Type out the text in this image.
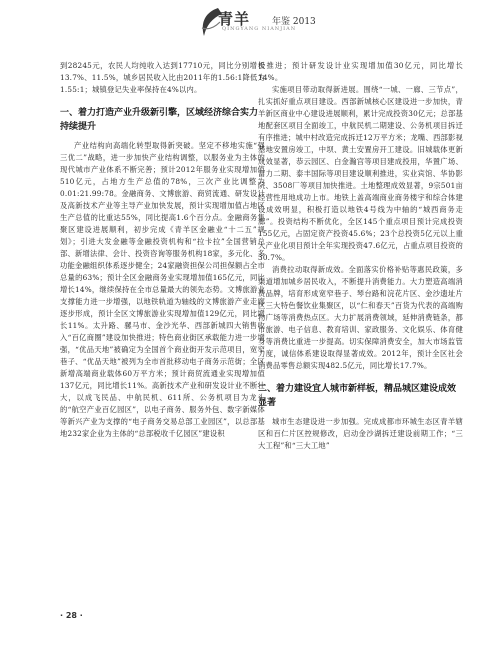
青羊 年鉴 2013
QINGYANG NIANJIAN

到28245元，农民人均纯收入达到17710元，同比分别增长13.7%、11.5%，城乡居民收入比由2011年的1.56:1降低为1.55:1；城镇登记失业率保持在4%以内。

一、着力打造产业升级新引擎，区域经济综合实力持续提升

产业结构向高端化转型取得新突破。坚定不移地实施“强三优二”战略，进一步加快产业结构调整，以服务业为主体的现代城市产业体系不断完善；预计2012年服务业实现增加值510亿元，占地方生产总值的78%，三次产业比调整为0.01:21.99:78。金融商务、文博旅游、商贸流通、研发设计及高新技术产业等主导产业加快发展，预计实现增加值占地区生产总值的比重达55%，同比提高1.6个百分点。金融商务集聚区建设进展顺利，初步完成《青羊区金融业“十二五”规划》；引进大发金融等金融投资机构和“拉卡拉”全国营销总部、新增法律、会计、投资咨询等服务机构18家，多元化、多功能金融组织体系逐步健全；24家融资担保公司担保额占全市总量的63%；预计全区金融商务业实现增加值165亿元，同比增长14%，继续保持在全市总量最大的领先态势。文博旅游业支撑能力进一步增强，以地铁轨道为轴线的文博旅游产业走廊逐步形成，预计全区文博旅游业实现增加值129亿元，同比增长11%。太升路、骡马市、金沙光华、西部新城四大销售收入“百亿商圈”建设加快推进；特色商业街区承载能力进一步增强，“优品天地”被确定为全国首个商业街开发示范项目，宽窄巷子、“优品天地”被列为全市首批移动电子商务示范街；全区新增高端商业载体60万平方米；预计商贸流通业实现增加值137亿元，同比增长11%。高新技术产业和研发设计业不断壮大，以成飞民品、中航民机、611所、公务机项目为龙头的“航空产业百亿园区”，以电子商务、服务外包、数字新媒体等新兴产业为支撑的“电子商务交易总部工业园区”，以总部基地232家企业为主体的“总部税收千亿园区”建设积

极推进；预计研发设计业实现增加值30亿元，同比增长14%。

实施项目带动取得新进展。围绕“一城、一廊、三节点”，扎实抓好重点项目建设。西部新城核心区建设进一步加快，青羊新区商业中心建设进展顺利，累计完成投资30亿元；总部基地配套区项目全面竣工，中航民机二期建设、公务机项目拆迁有序推进；城中村改造完成拆迁12万平方米；龙嘴、西部影视基地安置房竣工，中坝、黄土安置房开工建设。旧城载体更新成效显著，恭云园区、白金瀚宫等项目建成投用，华置广场、富力二期、泰丰国际等项目建设顺利推进，实业宾馆、华协影院、3508厂等项目加快推进。土地整理成效显著，9宗501亩经营性用地成功上市。地铁上盖高端商业商务楼宇和综合体建设成效明显，积极打造以地铁4号线为中轴的“城西商务走廊”。投资结构不断优化，全区145个重点项目预计完成投资155亿元，占固定资产投资45.6%；23个总投资5亿元以上重大产业化项目预计全年实现投资47.6亿元，占重点项目投资的30.7%。

消费拉动取得新成效。全面落实价格补贴等惠民政策，多渠道增加城乡居民收入，不断提升消费能力。大力塑造高端消费品牌，培育形成宽窄巷子、琴台路和浣花片区、金沙遗址片区三大特色餐饮业集聚区，以“仁和春天”百货为代表的高端购物广场等消费热点区。大力扩展消费领域，延伸消费链条，都市旅游、电子信息、教育培训、家政服务、文化娱乐、体育健身等消费比重进一步提高。切实保障消费安全，加大市场监管力度，诚信体系建设取得显著成效。2012年，预计全区社会消费品零售总额实现482.5亿元，同比增长17.7%。

二、着力建设宜人城市新样板，精品城区建设成效显著

城市生态建设进一步加强。完成成都市环城生态区青羊辖区和百仁片区控规修改，启动金沙湖拆迁建设前期工作；“三大工程”和“三大工地”

· 28 ·
